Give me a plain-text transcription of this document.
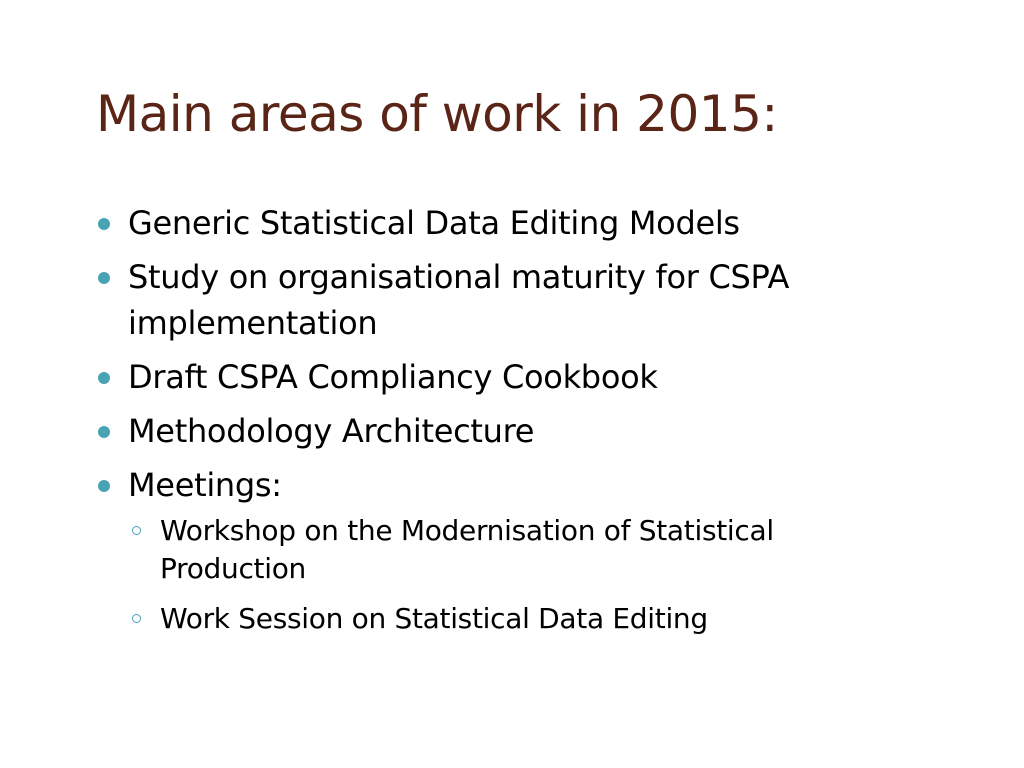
Main areas of work in 2015:
Generic Statistical Data Editing Models
Study on organisational maturity for CSPA implementation
Draft CSPA Compliancy Cookbook
Methodology Architecture
Meetings:
Workshop on the Modernisation of Statistical Production
Work Session on Statistical Data Editing
